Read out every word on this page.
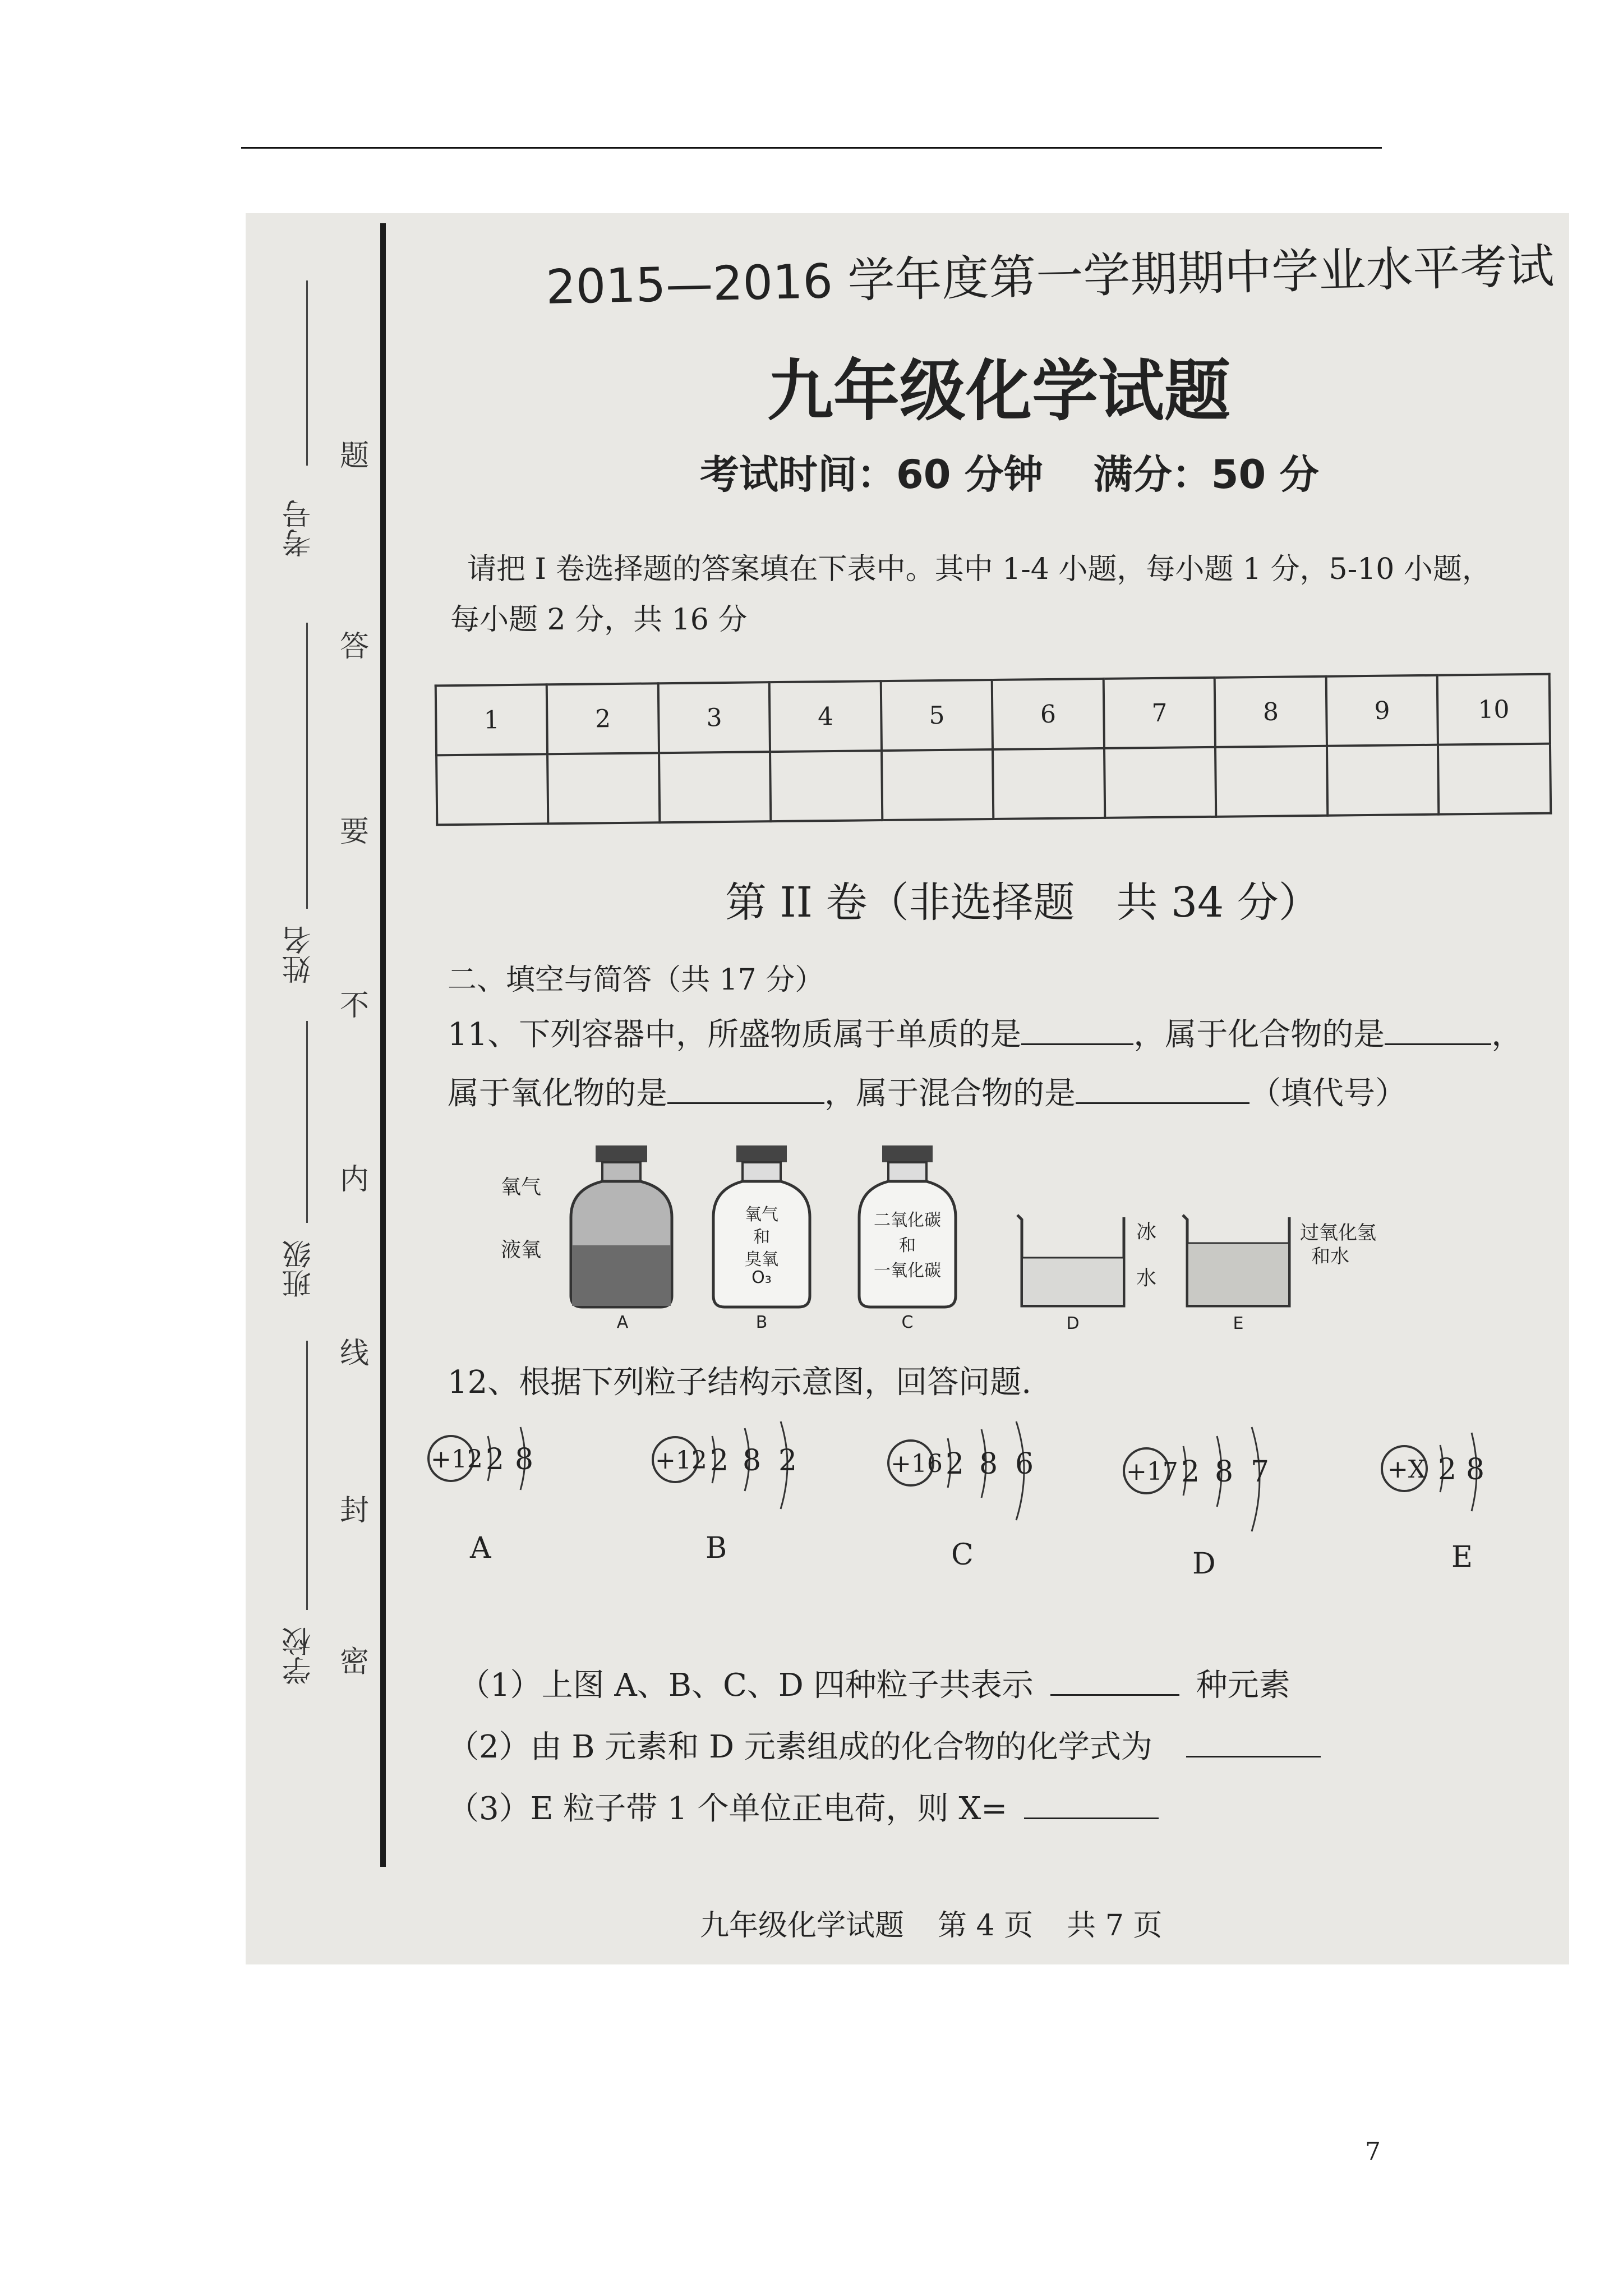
考号
姓名
班级
学校
题
答
要
不
内
线
封
密
2015—2016 学年度第一学期期中学业水平考试
九年级化学试题
考试时间：60 分钟 满分：50 分
请把 I 卷选择题的答案填在下表中。其中 1-4 小题，每小题 1 分，5-10 小题，
每小题 2 分，共 16 分
1	2	3	4	5	6	7	8	9	10

第 II 卷（非选择题　共 34 分）
二、填空与简答（共 17 分）
11、下列容器中，所盛物质属于单质的是	，属于化合物的是	，
属于氧化物的是	，属于混合物的是	（填代号）
A
氧气
液氧
B
氧气
和
臭氧
O₃
C
二氧化碳
和
一氧化碳
D
冰
水
E
过氧化氢
和水
12、根据下列粒子结构示意图，回答问题.
+12 2 8
A
+12 2 8 2
B
+16 2 8 6
C
+17 2 8 7
D
+X 2 8
E
（1）上图 A、B、C、D 四种粒子共表示	种元素
（2）由 B 元素和 D 元素组成的化合物的化学式为
（3）E 粒子带 1 个单位正电荷，则 X=
九年级化学试题 第 4 页 共 7 页
7
